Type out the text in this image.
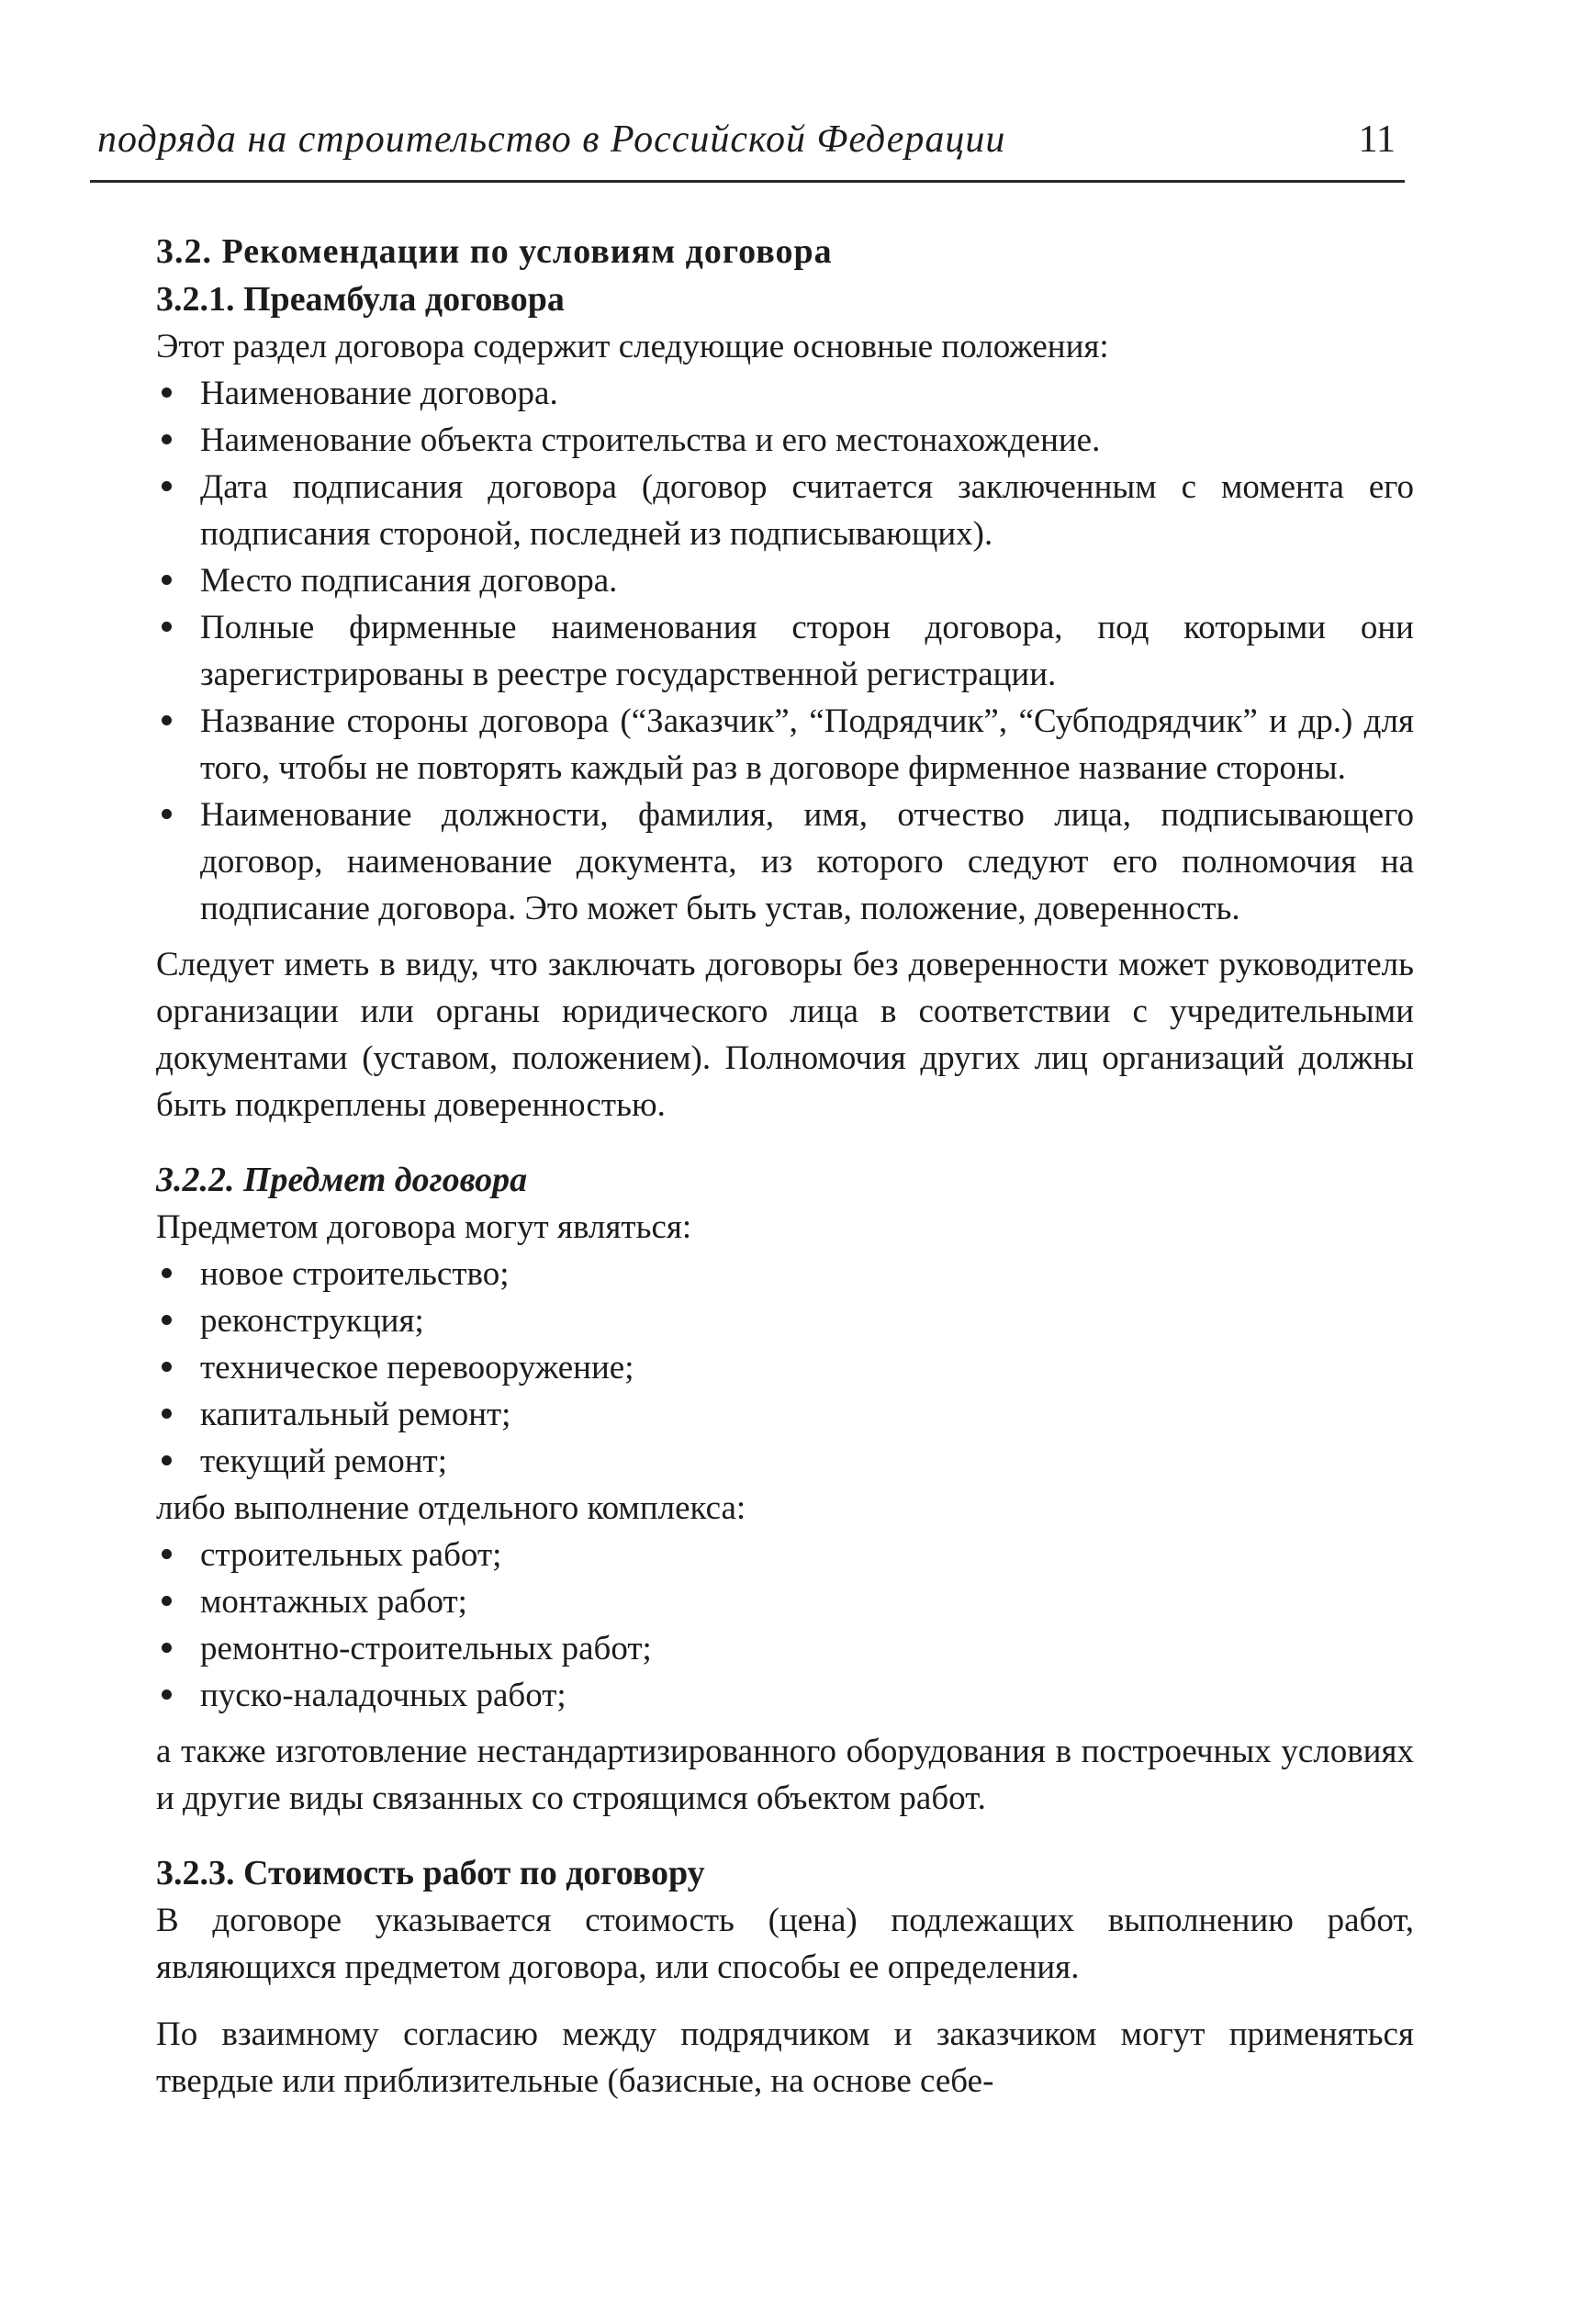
подряда на строительство в Российской Федерации	11

3.2. Рекомендации по условиям договора

3.2.1. Преамбула договора

Этот раздел договора содержит следующие основные положения:

Наименование договора.
Наименование объекта строительства и его местонахождение.
Дата подписания договора (договор считается заключенным с момента его подписания стороной, последней из подписывающих).
Место подписания договора.
Полные фирменные наименования сторон договора, под которыми они зарегистрированы в реестре государственной регистрации.
Название стороны договора (“Заказчик”, “Подрядчик”, “Субподрядчик” и др.) для того, чтобы не повторять каждый раз в договоре фирменное название стороны.
Наименование должности, фамилия, имя, отчество лица, подписывающего договор, наименование документа, из которого следуют его полномочия на подписание договора. Это может быть устав, положение, доверенность.

Следует иметь в виду, что заключать договоры без доверенности может руководитель организации или органы юридического лица в соответствии с учредительными документами (уставом, положением). Полномочия других лиц организаций должны быть подкреплены доверенностью.

3.2.2. Предмет договора

Предметом договора могут являться:

новое строительство;
реконструкция;
техническое перевооружение;
капитальный ремонт;
текущий ремонт;

либо выполнение отдельного комплекса:

строительных работ;
монтажных работ;
ремонтно-строительных работ;
пуско-наладочных работ;

а также изготовление нестандартизированного оборудования в построечных условиях и другие виды связанных со строящимся объектом работ.

3.2.3. Стоимость работ по договору

В договоре указывается стоимость (цена) подлежащих выполнению работ, являющихся предметом договора, или способы ее определения.

По взаимному согласию между подрядчиком и заказчиком могут применяться твердые или приблизительные (базисные, на основе себе-
